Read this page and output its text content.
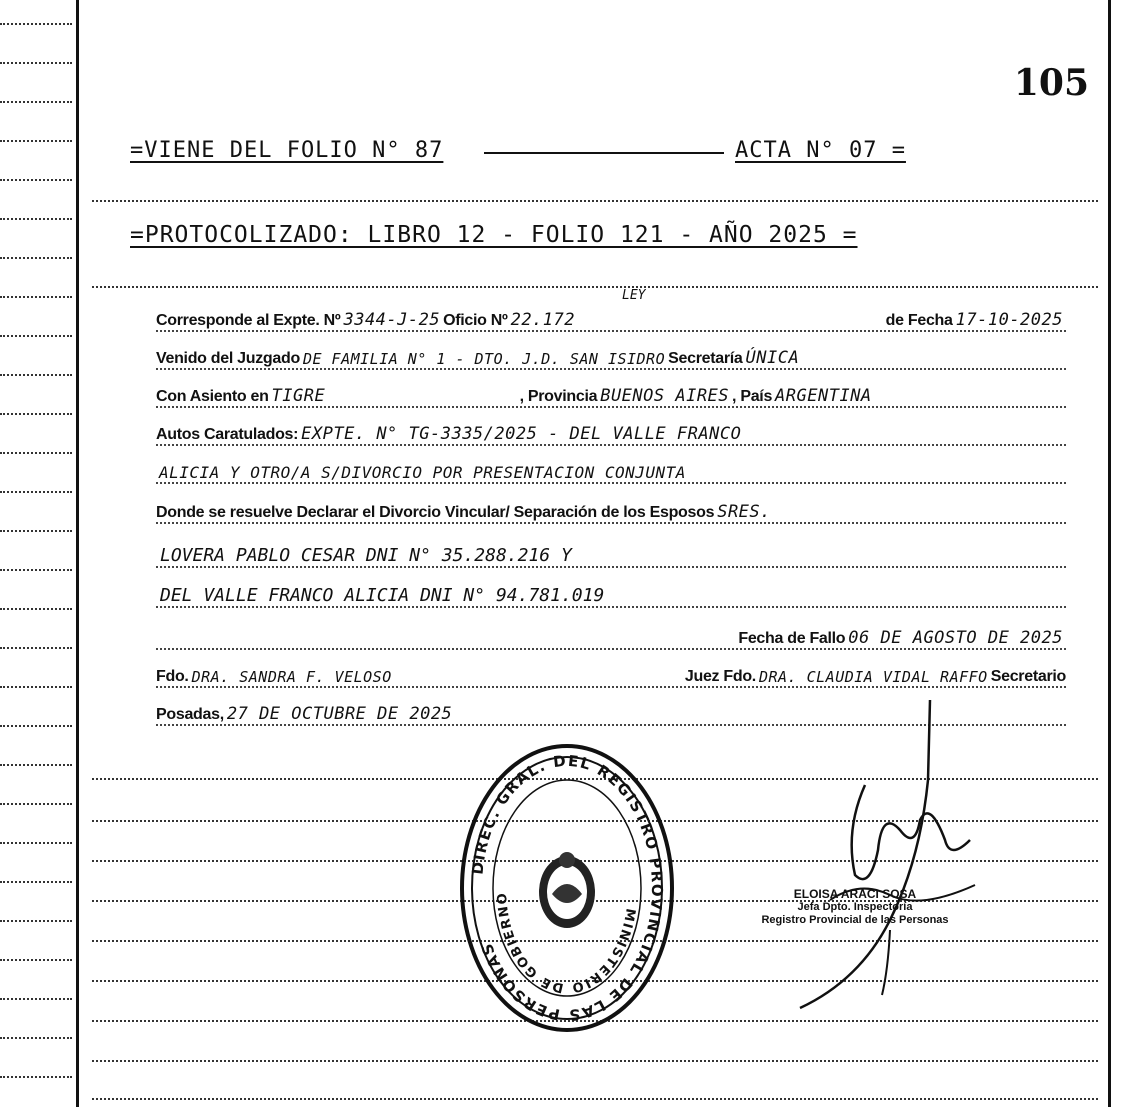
105
=VIENE DEL FOLIO N° 87	ACTA N° 07 =
=PROTOCOLIZADO: LIBRO 12 - FOLIO 121 - AÑO 2025 =
LEY
Corresponde al Expte. Nº 3344-J-25 Oficio Nº 22.172	de Fecha 17-10-2025
Venido del Juzgado DE FAMILIA N° 1 - DTO. J.D. SAN ISIDRO Secretaría ÚNICA
Con Asiento en TIGRE	, Provincia BUENOS AIRES , País ARGENTINA
Autos Caratulados: EXPTE. N° TG-3335/2025 - DEL VALLE FRANCO
ALICIA Y OTRO/A S/DIVORCIO POR PRESENTACION CONJUNTA
Donde se resuelve Declarar el Divorcio Vincular/ Separación de los Esposos SRES.
LOVERA PABLO CESAR DNI N° 35.288.216 Y
DEL VALLE FRANCO ALICIA DNI N° 94.781.019
Fecha de Fallo 06 DE AGOSTO DE 2025
Fdo. DRA. SANDRA F. VELOSO	Juez Fdo. DRA. CLAUDIA VIDAL RAFFO Secretario
Posadas, 27 DE OCTUBRE DE 2025
DIREC. GRAL. DEL REGISTRO PROVINCIAL DE LAS PERSONAS
MINISTERIO DE GOBIERNO	ELOISA ARACI SOSA
Jefa Dpto. Inspectoría
Registro Provincial de las Personas
